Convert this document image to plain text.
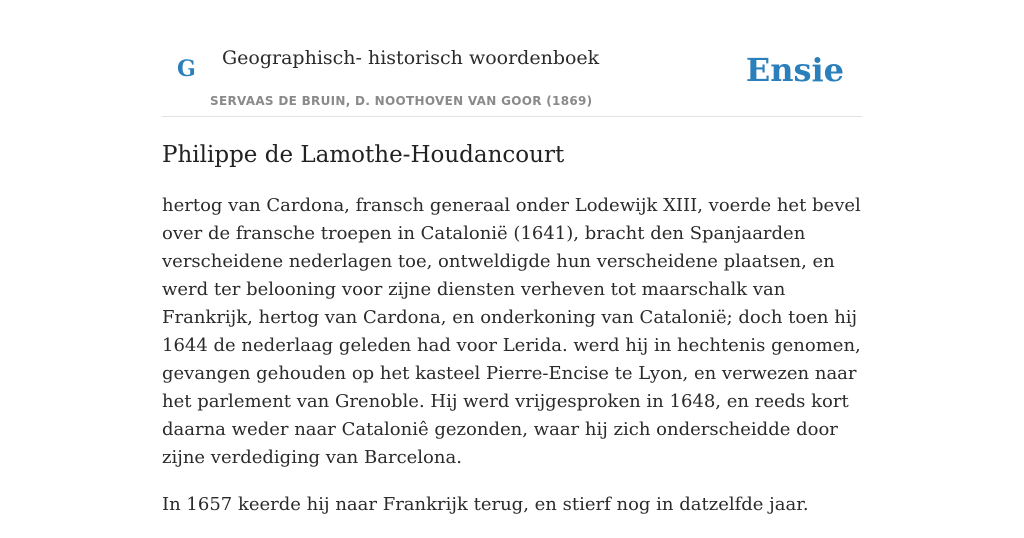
G Geographisch- historisch woordenboek
SERVAAS DE BRUIN, D. NOOTHOVEN VAN GOOR (1869)
Ensie
Philippe de Lamothe-Houdancourt

hertog van Cardona, fransch generaal onder Lodewijk XIII, voerde het bevel over de fransche troepen in Catalonië (1641), bracht den Spanjaarden verscheidene nederlagen toe, ontweldigde hun verscheidene plaatsen, en werd ter belooning voor zijne diensten verheven tot maarschalk van Frankrijk, hertog van Cardona, en onderkoning van Catalonië; doch toen hij 1644 de nederlaag geleden had voor Lerida. werd hij in hechtenis genomen, gevangen gehouden op het kasteel Pierre-Encise te Lyon, en verwezen naar het parlement van Grenoble. Hij werd vrijgesproken in 1648, en reeds kort daarna weder naar Cataloniê gezonden, waar hij zich onderscheidde door zijne verdediging van Barcelona.

In 1657 keerde hij naar Frankrijk terug, en stierf nog in datzelfde jaar.
